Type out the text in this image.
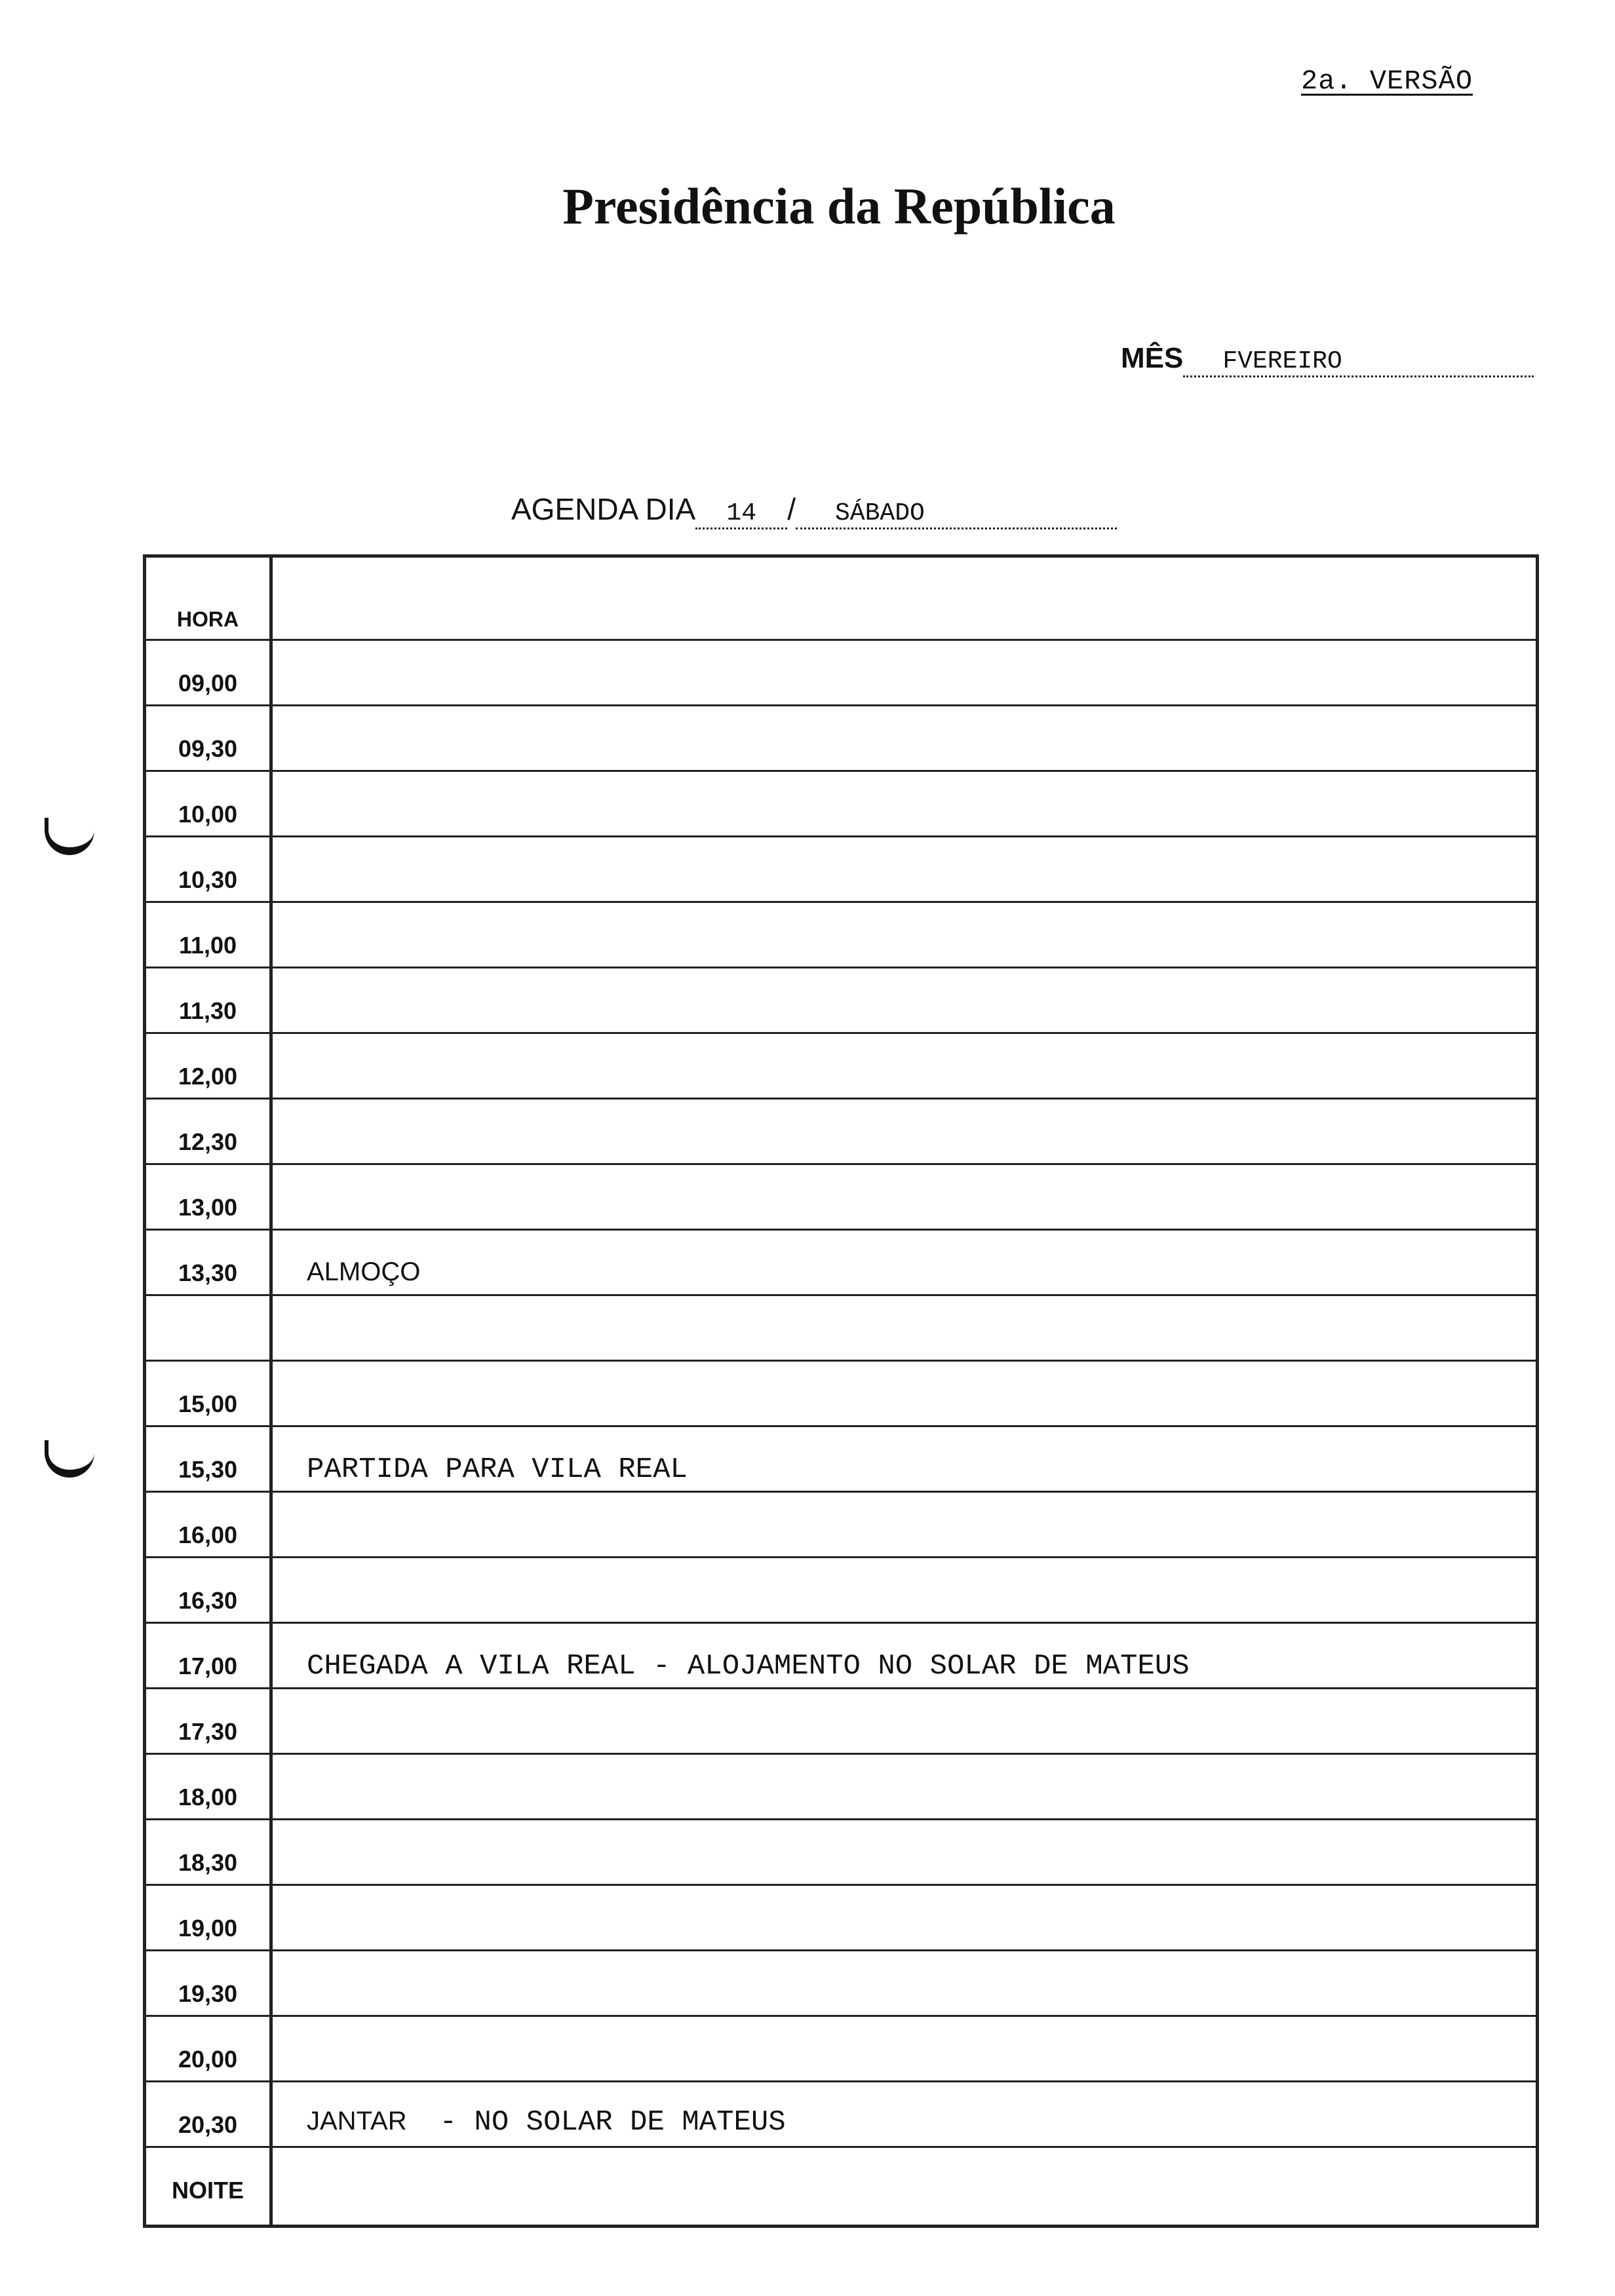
2a. VERSÃO
Presidência da República
MÊS FVEREIRO
AGENDA DIA 14 / SÁBADO
HORA
09,00
09,30
10,00
10,30
11,00
11,30
12,00
12,30
13,00
13,30	ALMOÇO
15,00
15,30	PARTIDA PARA VILA REAL
16,00
16,30
17,00	CHEGADA A VILA REAL - ALOJAMENTO NO SOLAR DE MATEUS
17,30
18,00
18,30
19,00
19,30
20,00
20,30	JANTAR - NO SOLAR DE MATEUS
NOITE
